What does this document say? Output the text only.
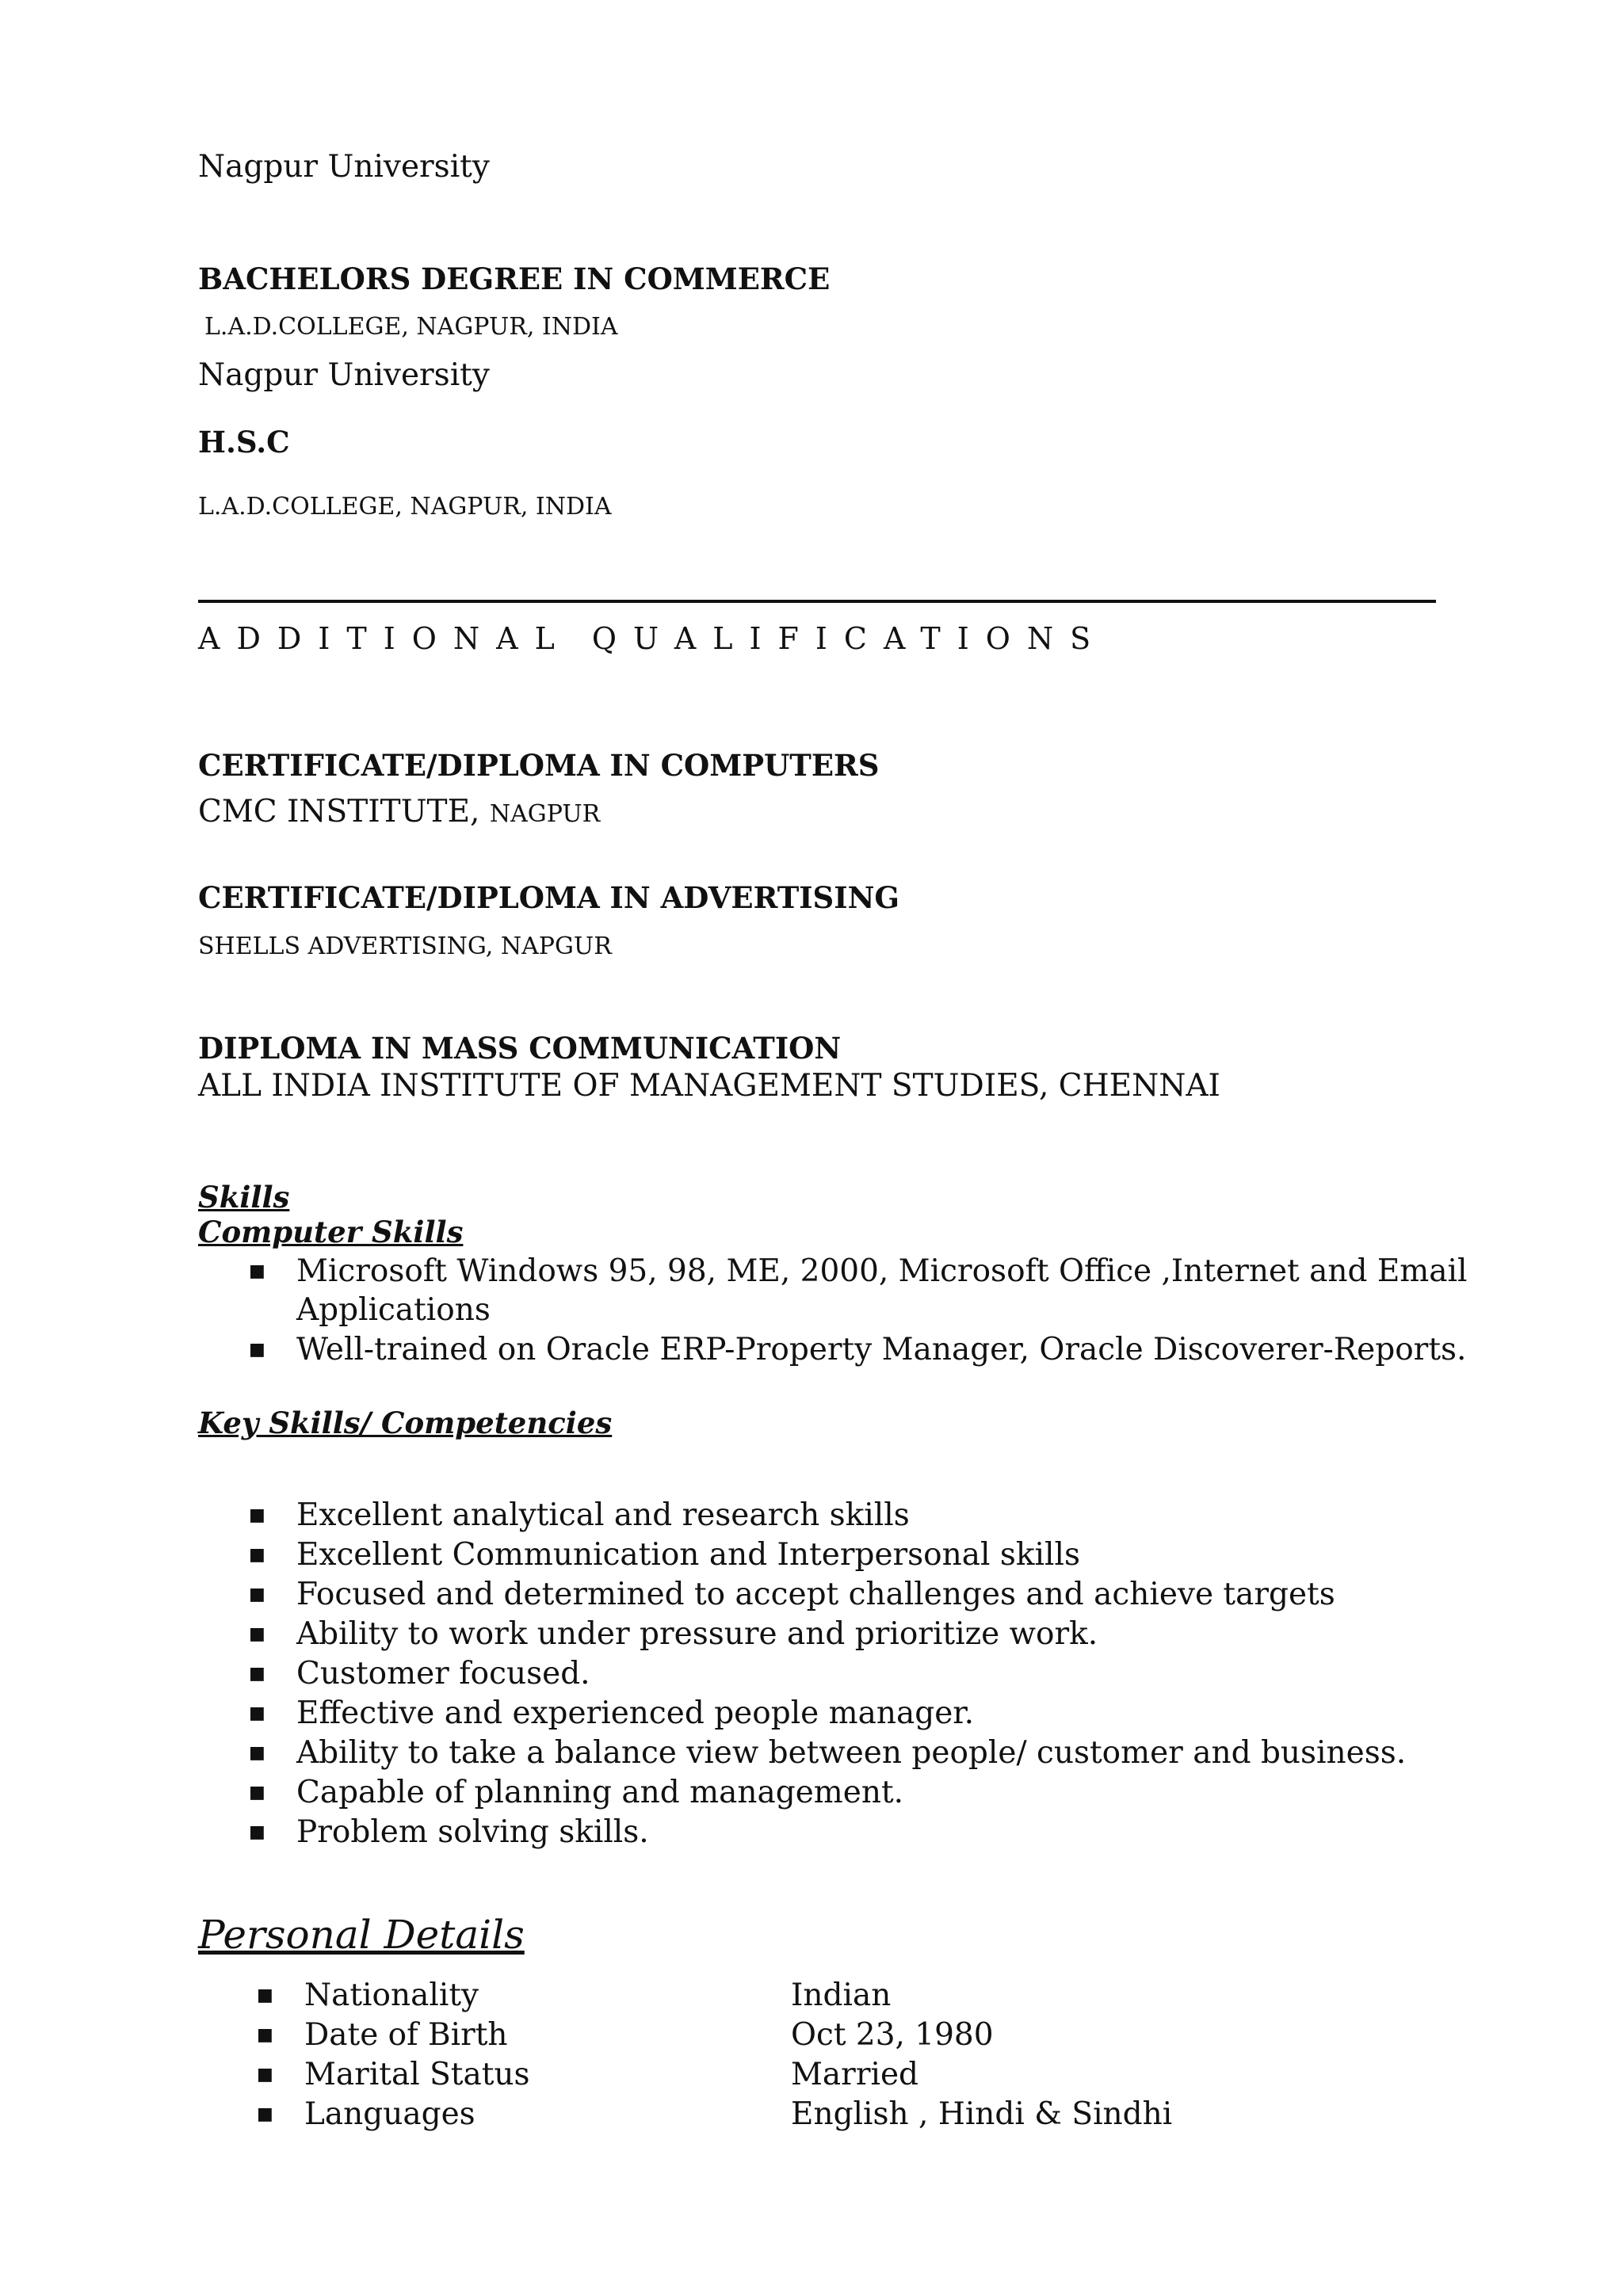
Nagpur University
BACHELORS DEGREE IN COMMERCE
L.A.D.COLLEGE, NAGPUR, INDIA
Nagpur University
H.S.C
L.A.D.COLLEGE, NAGPUR, INDIA
ADDITIONAL QUALIFICATIONS
CERTIFICATE/DIPLOMA IN COMPUTERS
CMC INSTITUTE, NAGPUR
CERTIFICATE/DIPLOMA IN ADVERTISING
SHELLS ADVERTISING, NAPGUR
DIPLOMA IN MASS COMMUNICATION
ALL INDIA INSTITUTE OF MANAGEMENT STUDIES, CHENNAI
Skills
Computer Skills
■ Microsoft Windows 95, 98, ME, 2000, Microsoft Office ,Internet and Email
Applications
■ Well-trained on Oracle ERP-Property Manager, Oracle Discoverer-Reports.
Key Skills/ Competencies
■ Excellent analytical and research skills
■ Excellent Communication and Interpersonal skills
■ Focused and determined to accept challenges and achieve targets
■ Ability to work under pressure and prioritize work.
■ Customer focused.
■ Effective and experienced people manager.
■ Ability to take a balance view between people/ customer and business.
■ Capable of planning and management.
■ Problem solving skills.
Personal Details
■ Nationality	Indian
■ Date of Birth	Oct 23, 1980
■ Marital Status	Married
■ Languages	English , Hindi & Sindhi
